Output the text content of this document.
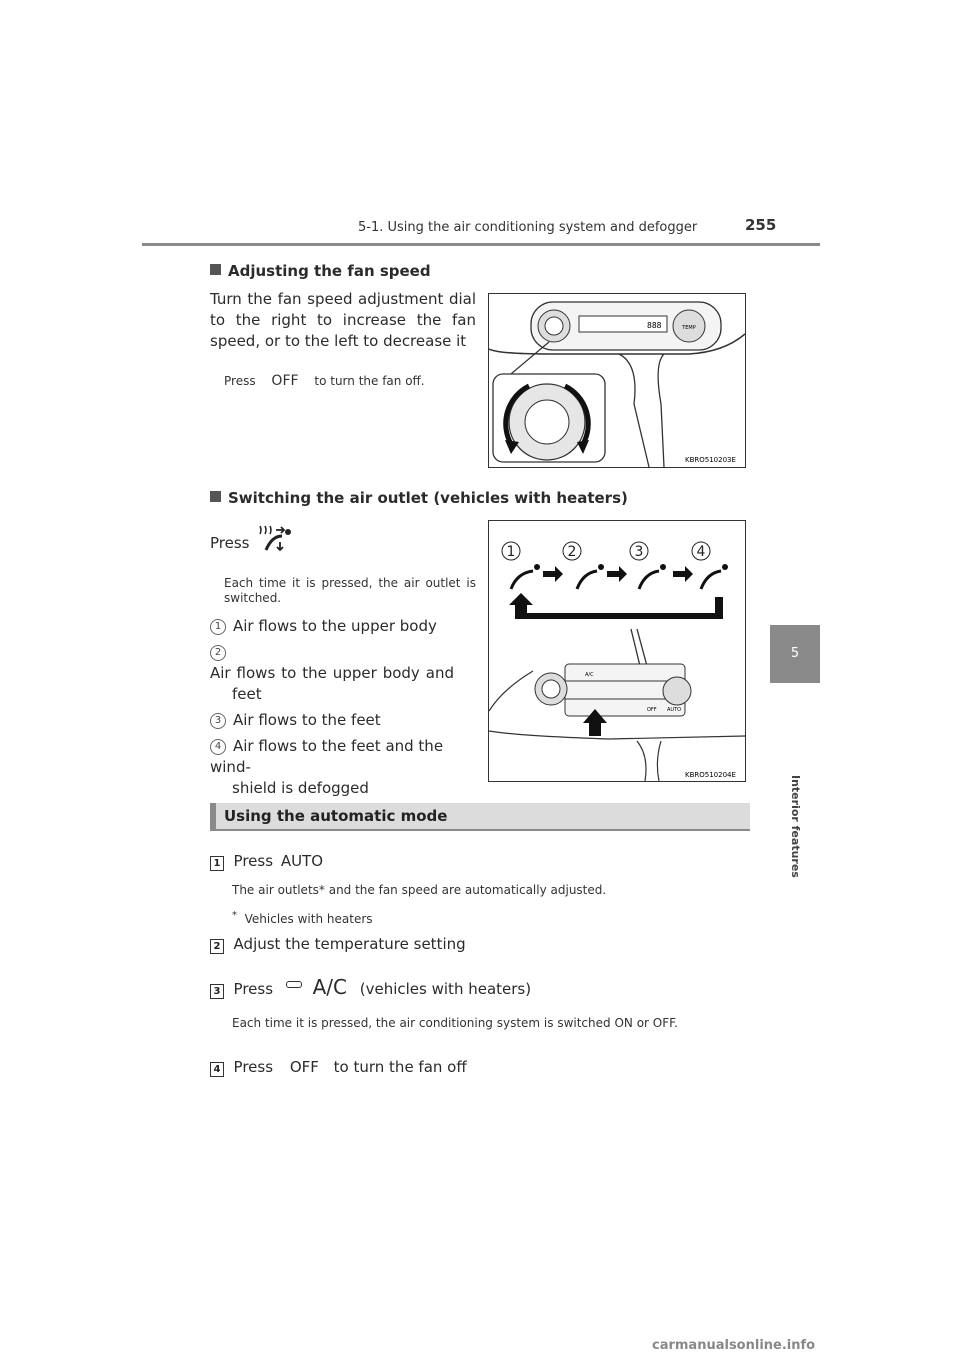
5-1. Using the air conditioning system and defogger	255
5
Interior features
Adjusting the fan speed
Turn the fan speed adjustment dial
to the right to increase the fan
speed, or to the left to decrease it
Press OFF to turn the fan off.
TEMP
888
KBRO510203E
Switching the air outlet (vehicles with heaters)
Press
Each time it is pressed, the air outlet is
switched.
1 Air flows to the upper body
2Air flows to the upper body and
feet
3 Air flows to the feet
4 Air flows to the feet and the wind-
shield is defogged
1	2	3	4
A/C
OFF AUTO
KBRO510204E
Using the automatic mode
1 Press AUTO
The air outlets* and the fan speed are automatically adjusted.
* Vehicles with heaters
2 Adjust the temperature setting
3 Press A/C (vehicles with heaters)
Each time it is pressed, the air conditioning system is switched ON or OFF.
4 Press OFF to turn the fan off
carmanualsonline.info
